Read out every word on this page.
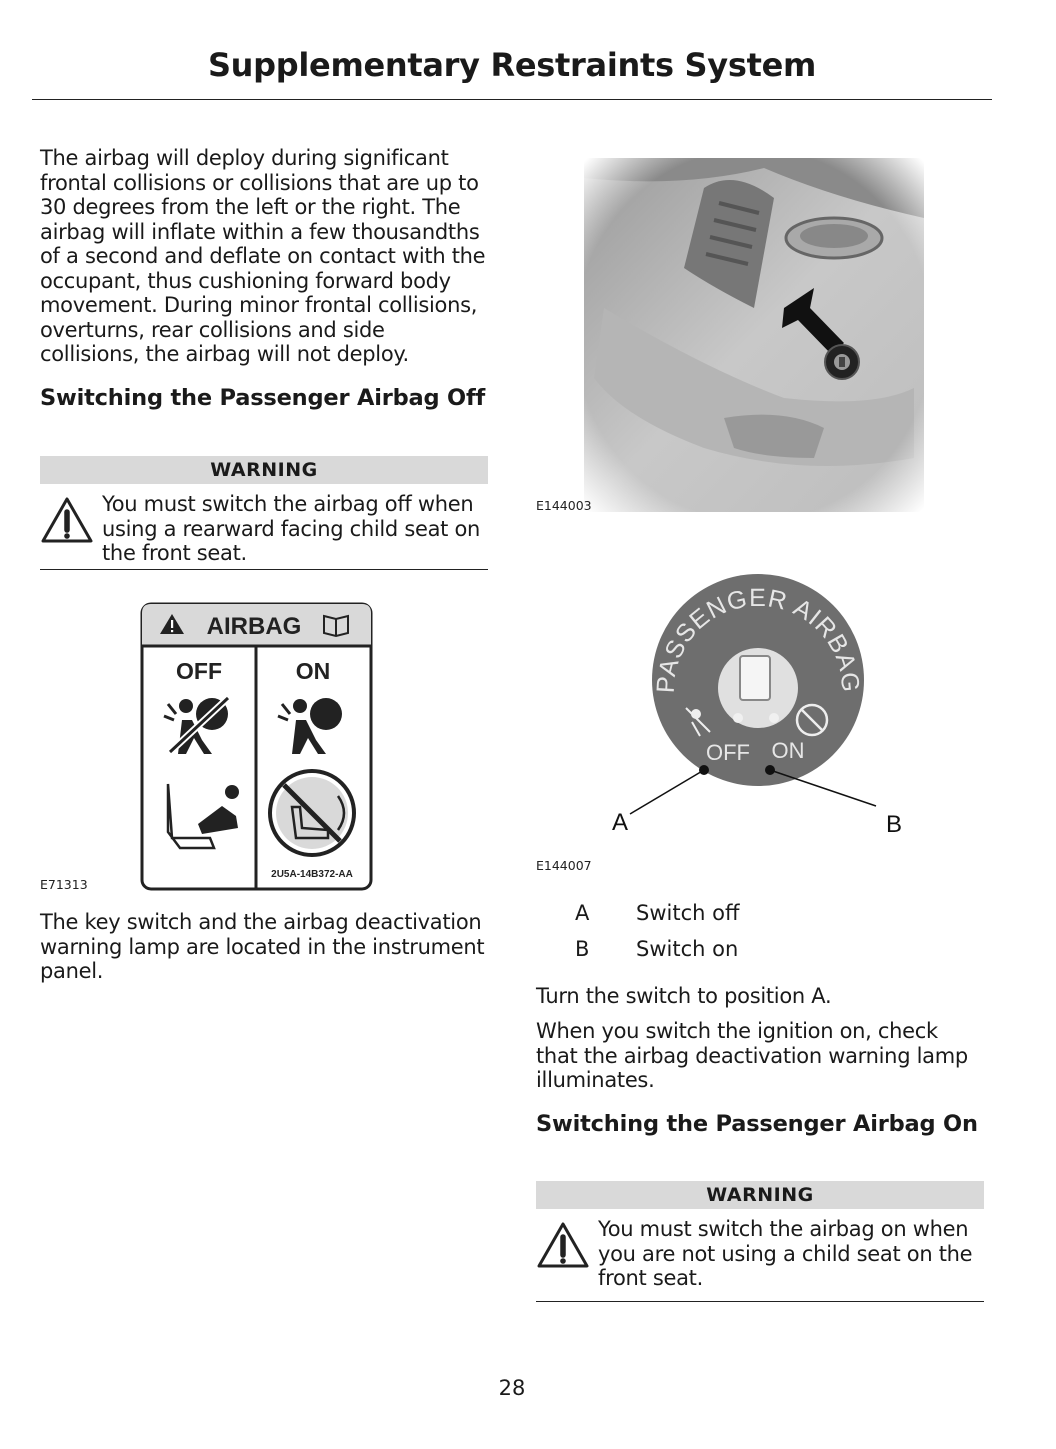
Supplementary Restraints System

The airbag will deploy during significant frontal collisions or collisions that are up to 30 degrees from the left or the right. The airbag will inflate within a few thousandths of a second and deflate on contact with the occupant, thus cushioning forward body movement. During minor frontal collisions, overturns, rear collisions and side collisions, the airbag will not deploy.

Switching the Passenger Airbag Off
WARNING
You must switch the airbag off when using a rearward facing child seat on the front seat.
AIRBAG
OFF	ON
2U5A-14B372-AA
E71313

The key switch and the airbag deactivation warning lamp are located in the instrument panel.

E144003
PASSENGER AIRBAG
OFF ON
A	B
E144007
A Switch off
B Switch on

Turn the switch to position A.

When you switch the ignition on, check that the airbag deactivation warning lamp illuminates.

Switching the Passenger Airbag On
WARNING
You must switch the airbag on when you are not using a child seat on the front seat.
28
